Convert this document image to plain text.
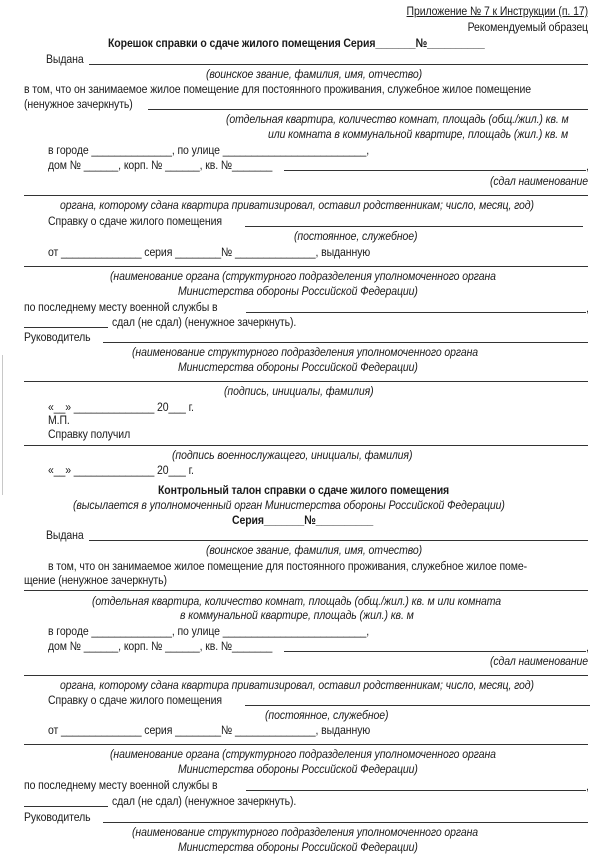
Приложение № 7 к Инструкции (п. 17)
Рекомендуемый образец
Корешок справки о сдаче жилого помещения Серия_______№__________
Выдана
(воинское звание, фамилия, имя, отчество)
в том, что он занимаемое жилое помещение для постоянного проживания, служебное жилое помещение
(ненужное зачеркнуть)
(отдельная квартира, количество комнат, площадь (общ./жил.) кв. м
или комната в коммунальной квартире, площадь (жил.) кв. м
в городе ______________, по улице _________________________,
дом № ______, корп. № ______, кв. №_______	,
(сдал наименование
органа, которому сдана квартира приватизировал, оставил родственникам; число, месяц, год)
Справку о сдаче жилого помещения
(постоянное, служебное)
от ______________ серия ________№ ______________, выданную
(наименование органа (структурного подразделения уполномоченного органа
Министерства обороны Российской Федерации)
по последнему месту военной службы в	,
сдал (не сдал) (ненужное зачеркнуть).
Руководитель
(наименование структурного подразделения уполномоченного органа
Министерства обороны Российской Федерации)
(подпись, инициалы, фамилия)
«__» ______________ 20___ г.
М.П.
Справку получил
(подпись военнослужащего, инициалы, фамилия)
«__» ______________ 20___ г.
Контрольный талон справки о сдаче жилого помещения
(высылается в уполномоченный орган Министерства обороны Российской Федерации)
Серия_______№__________
Выдана
(воинское звание, фамилия, имя, отчество)
в том, что он занимаемое жилое помещение для постоянного проживания, служебное жилое поме-
щение (ненужное зачеркнуть)
(отдельная квартира, количество комнат, площадь (общ./жил.) кв. м или комната
в коммунальной квартире, площадь (жил.) кв. м
в городе ______________, по улице _________________________,
дом № ______, корп. № ______, кв. №_______	,
(сдал наименование
органа, которому сдана квартира приватизировал, оставил родственникам; число, месяц, год)
Справку о сдаче жилого помещения
(постоянное, служебное)
от ______________ серия ________№ ______________, выданную
(наименование органа (структурного подразделения уполномоченного органа
Министерства обороны Российской Федерации)
по последнему месту военной службы в	,
сдал (не сдал) (ненужное зачеркнуть).
Руководитель
(наименование структурного подразделения уполномоченного органа
Министерства обороны Российской Федерации)
